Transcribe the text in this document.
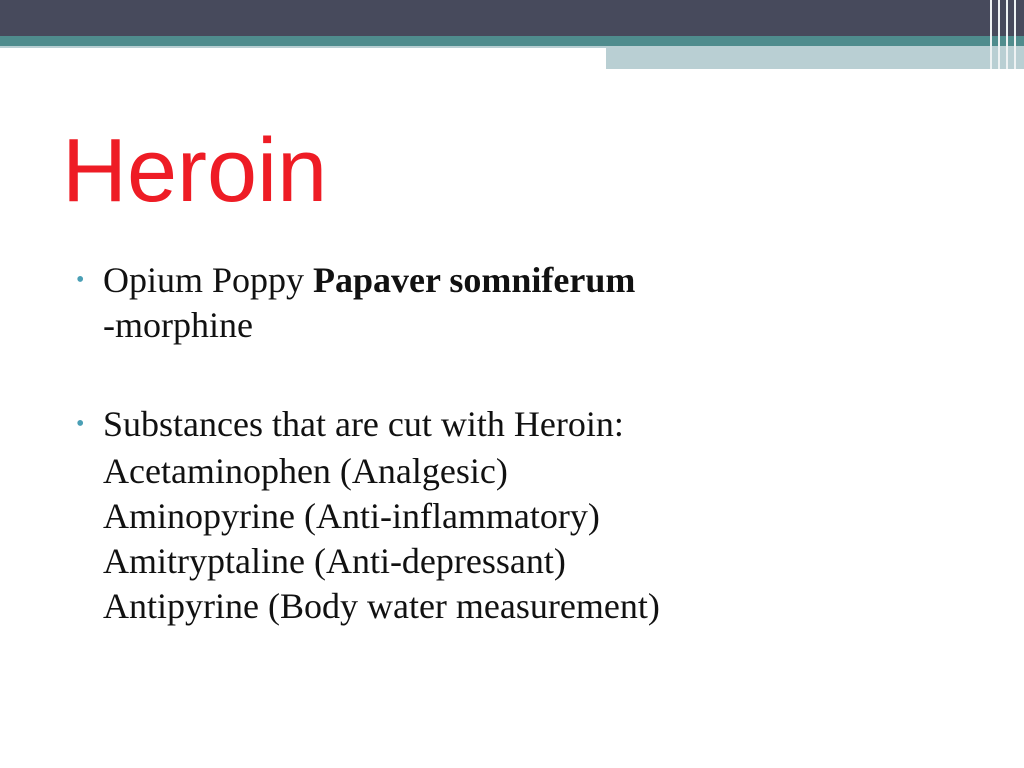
Heroin
• Opium Poppy Papaver somniferum
-morphine
• Substances that are cut with Heroin:
Acetaminophen (Analgesic)
Aminopyrine (Anti-inflammatory)
Amitryptaline (Anti-depressant)
Antipyrine (Body water measurement)
